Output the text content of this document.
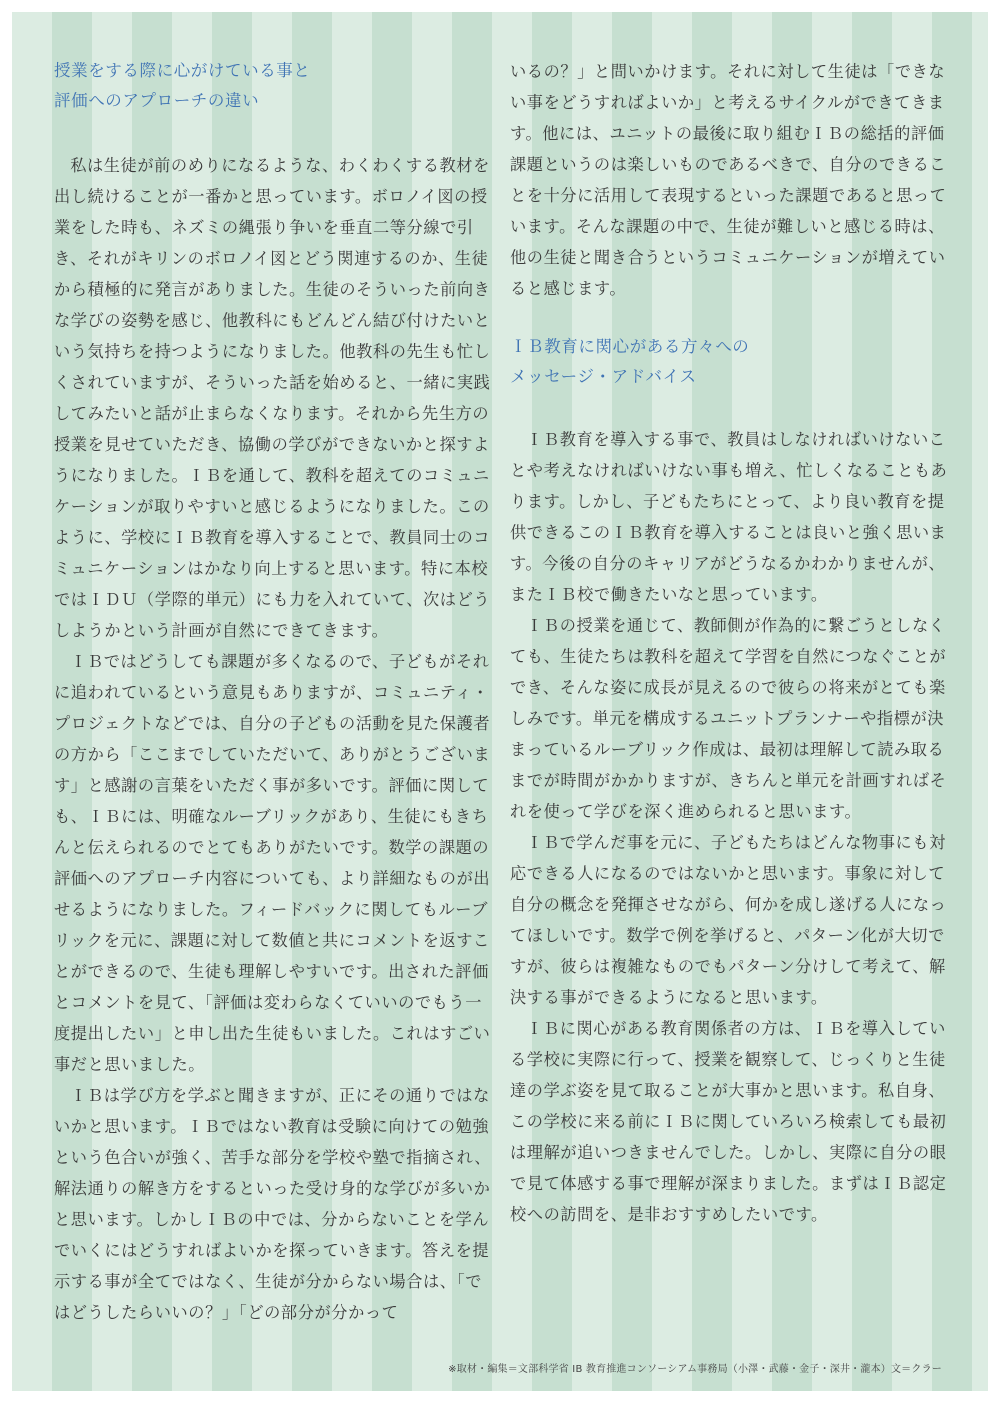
授業をする際に心がけている事と
評価へのアプローチの違い

私は生徒が前のめりになるような、わくわくする教材を出し続けることが一番かと思っています。ボロノイ図の授業をした時も、ネズミの縄張り争いを垂直二等分線で引き、それがキリンのボロノイ図とどう関連するのか、生徒から積極的に発言がありました。生徒のそういった前向きな学びの姿勢を感じ、他教科にもどんどん結び付けたいという気持ちを持つようになりました。他教科の先生も忙しくされていますが、そういった話を始めると、一緒に実践してみたいと話が止まらなくなります。それから先生方の授業を見せていただき、協働の学びができないかと探すようになりました。ＩＢを通して、教科を超えてのコミュニケーションが取りやすいと感じるようになりました。このように、学校にＩＢ教育を導入することで、教員同士のコミュニケーションはかなり向上すると思います。特に本校ではＩＤＵ（学際的単元）にも力を入れていて、次はどうしようかという計画が自然にできてきます。

ＩＢではどうしても課題が多くなるので、子どもがそれに追われているという意見もありますが、コミュニティ・プロジェクトなどでは、自分の子どもの活動を見た保護者の方から「ここまでしていただいて、ありがとうございます」と感謝の言葉をいただく事が多いです。評価に関しても、ＩＢには、明確なルーブリックがあり、生徒にもきちんと伝えられるのでとてもありがたいです。数学の課題の評価へのアプローチ内容についても、より詳細なものが出せるようになりました。フィードバックに関してもルーブリックを元に、課題に対して数値と共にコメントを返すことができるので、生徒も理解しやすいです。出された評価とコメントを見て、「評価は変わらなくていいのでもう一度提出したい」と申し出た生徒もいました。これはすごい事だと思いました。

ＩＢは学び方を学ぶと聞きますが、正にその通りではないかと思います。ＩＢではない教育は受験に向けての勉強という色合いが強く、苦手な部分を学校や塾で指摘され、解法通りの解き方をするといった受け身的な学びが多いかと思います。しかしＩＢの中では、分からないことを学んでいくにはどうすればよいかを探っていきます。答えを提示する事が全てではなく、生徒が分からない場合は、「ではどうしたらいいの？」「どの部分が分かって

いるの？」と問いかけます。それに対して生徒は「できない事をどうすればよいか」と考えるサイクルができてきます。他には、ユニットの最後に取り組むＩＢの総括的評価課題というのは楽しいものであるべきで、自分のできることを十分に活用して表現するといった課題であると思っています。そんな課題の中で、生徒が難しいと感じる時は、他の生徒と聞き合うというコミュニケーションが増えていると感じます。

ＩＢ教育に関心がある方々への
メッセージ・アドバイス

ＩＢ教育を導入する事で、教員はしなければいけないことや考えなければいけない事も増え、忙しくなることもあります。しかし、子どもたちにとって、より良い教育を提供できるこのＩＢ教育を導入することは良いと強く思います。今後の自分のキャリアがどうなるかわかりませんが、またＩＢ校で働きたいなと思っています。

ＩＢの授業を通じて、教師側が作為的に繋ごうとしなくても、生徒たちは教科を超えて学習を自然につなぐことができ、そんな姿に成長が見えるので彼らの将来がとても楽しみです。単元を構成するユニットプランナーや指標が決まっているルーブリック作成は、最初は理解して読み取るまでが時間がかかりますが、きちんと単元を計画すればそれを使って学びを深く進められると思います。

ＩＢで学んだ事を元に、子どもたちはどんな物事にも対応できる人になるのではないかと思います。事象に対して自分の概念を発揮させながら、何かを成し遂げる人になってほしいです。数学で例を挙げると、パターン化が大切ですが、彼らは複雑なものでもパターン分けして考えて、解決する事ができるようになると思います。

ＩＢに関心がある教育関係者の方は、ＩＢを導入している学校に実際に行って、授業を観察して、じっくりと生徒達の学ぶ姿を見て取ることが大事かと思います。私自身、この学校に来る前にＩＢに関していろいろ検索しても最初は理解が追いつきませんでした。しかし、実際に自分の眼で見て体感する事で理解が深まりました。まずはＩＢ認定校への訪問を、是非おすすめしたいです。

※取材・編集＝文部科学省 IB 教育推進コンソーシアム事務局（小澤・武藤・金子・深井・瀧本）文＝クラー
